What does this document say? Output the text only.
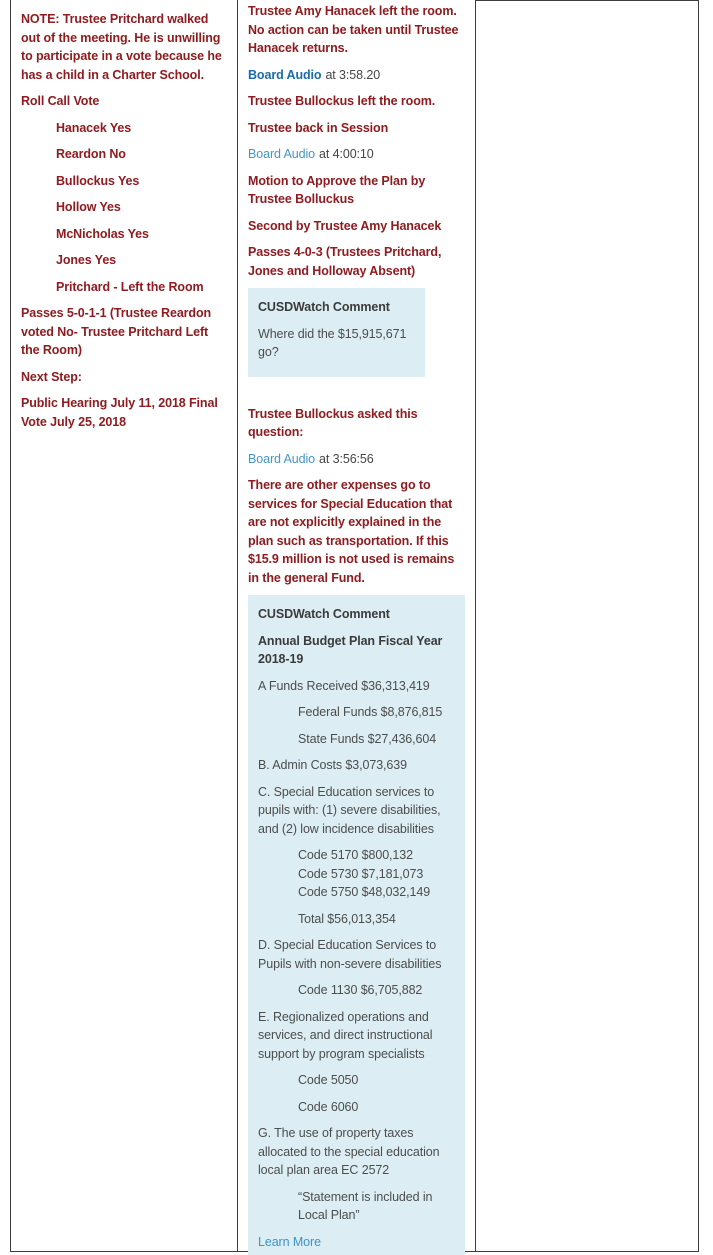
NOTE: Trustee Pritchard walked out of the meeting. He is unwilling to participate in a vote because he has a child in a Charter School.

Roll Call Vote

Hanacek Yes

Reardon No

Bullockus Yes

Hollow Yes

McNicholas Yes

Jones Yes

Pritchard - Left the Room

Passes 5-0-1-1 (Trustee Reardon voted No- Trustee Pritchard Left the Room)

Next Step:

Public Hearing July 11, 2018 Final Vote July 25, 2018

Trustee Amy Hanacek left the room. No action can be taken until Trustee Hanacek returns.

Board Audio at 3:58.20

Trustee Bullockus left the room.

Trustee back in Session

Board Audio at 4:00:10

Motion to Approve the Plan by Trustee Bolluckus

Second by Trustee Amy Hanacek

Passes 4-0-3 (Trustees Pritchard, Jones and Holloway Absent)

CUSDWatch Comment

Where did the $15,915,671 go?

Trustee Bullockus asked this question:

Board Audio at 3:56:56

There are other expenses go to services for Special Education that are not explicitly explained in the plan such as transportation. If this $15.9 million is not used is remains in the general Fund.

CUSDWatch Comment

Annual Budget Plan Fiscal Year 2018-19

A Funds Received $36,313,419

Federal Funds $8,876,815

State Funds $27,436,604

B. Admin Costs $3,073,639

C. Special Education services to pupils with: (1) severe disabilities, and (2) low incidence disabilities

Code 5170 $800,132

Code 5730 $7,181,073

Code 5750 $48,032,149

Total $56,013,354

D. Special Education Services to Pupils with non-severe disabilities

Code 1130 $6,705,882

E. Regionalized operations and services, and direct instructional support by program specialists

Code 5050

Code 6060

G. The use of property taxes allocated to the special education local plan area EC 2572

“Statement is included in Local Plan”

Learn More
